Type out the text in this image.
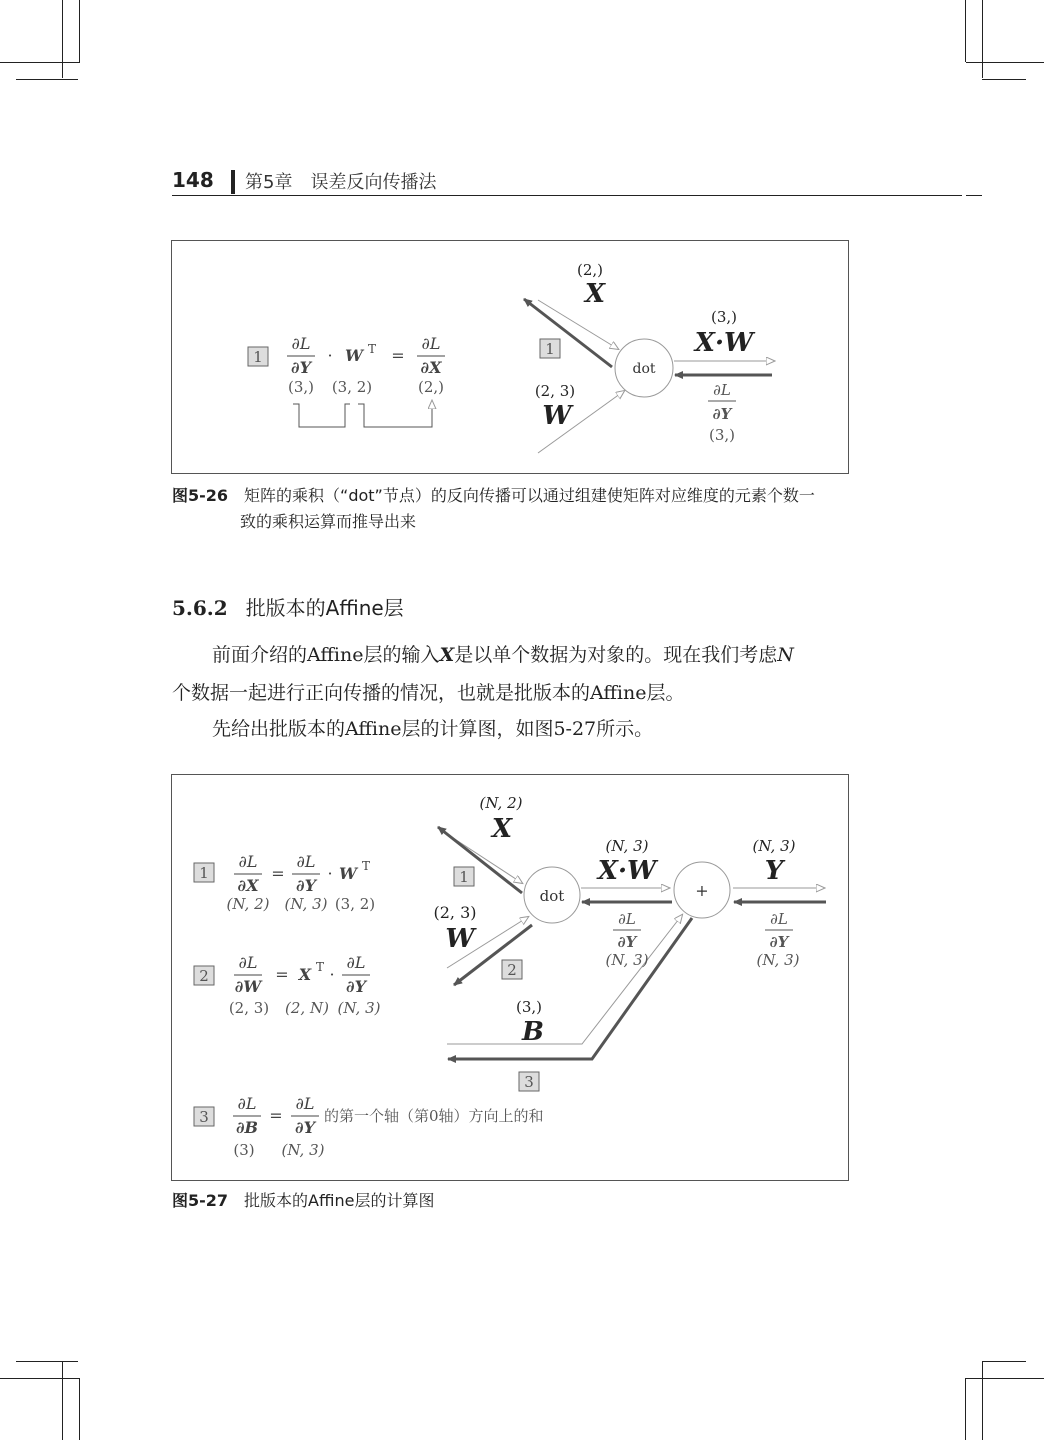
148 第5章　误差反向传播法
1
∂L
∂Y
· W T =
∂L
∂X
(3,) (3, 2)	(2,)
1
(2,)
X
(2, 3)
W
dot
(3,)
X·W
∂L
∂Y
(3,)
图5-26 矩阵的乘积（“dot”节点）的反向传播可以通过组建使矩阵对应维度的元素个数一
致的乘积运算而推导出来
5.6.2 批版本的Affine层
前面介绍的Affine层的输入X是以单个数据为对象的。现在我们考虑N
个数据一起进行正向传播的情况，也就是批版本的Affine层。
先给出批版本的Affine层的计算图，如图5-27所示。
1
∂L
∂X
=
∂L
∂Y
· W T
(N, 2) (N, 3) (3, 2)
2
∂L
∂W
= X T ·
∂L
∂Y
(2, 3) (2, N) (N, 3)
3
∂L
∂B
=
∂L
∂Y
的第一个轴（第0轴）方向上的和
(3) (N, 3)
(N, 2)
X
(2, 3)
W
1
2
3
dot	+
(N, 3)
X·W
(N, 3)
Y
∂L
∂Y
(N, 3)
∂L
∂Y
(N, 3)
(3,)
B
图5-27 批版本的Affine层的计算图
